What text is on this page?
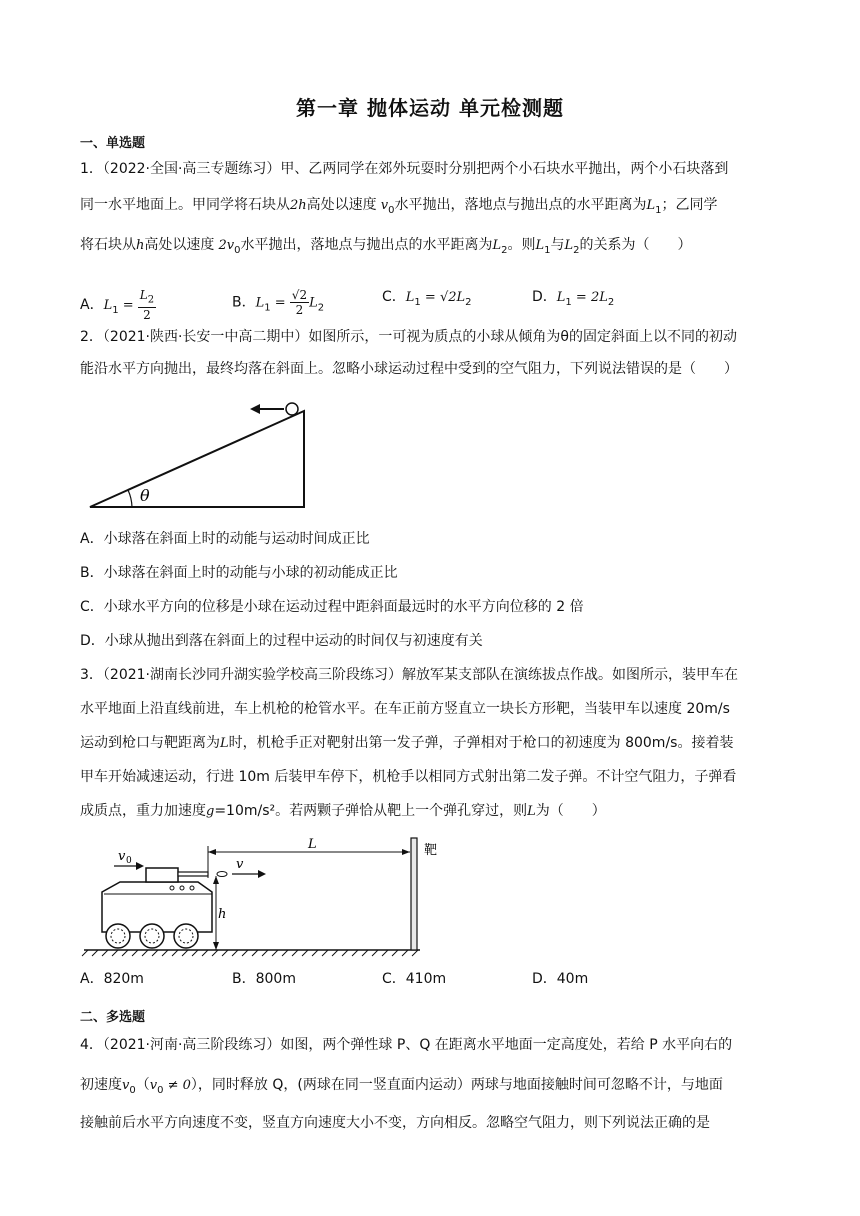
第一章 抛体运动 单元检测题
一、单选题
1．（2022·全国·高三专题练习）甲、乙两同学在郊外玩耍时分别把两个小石块水平抛出，两个小石块落到
同一水平地面上。甲同学将石块从2h高处以速度 $v_0$水平抛出，落地点与抛出点的水平距离为$L_1$；乙同学
将石块从h高处以速度 $2v_0$水平抛出，落地点与抛出点的水平距离为$L_2$。则$L_1$与$L_2$的关系为（　　）
A．$L_1 = \frac{L_2}{2}$	B．$L_1 = \frac{√2}{2} L_2$
C．$L_1 = √2L_2$	D．$L_1 = 2L_2$
2．（2021·陕西·长安一中高二期中）如图所示，一可视为质点的小球从倾角为θ的固定斜面上以不同的初动
能沿水平方向抛出，最终均落在斜面上。忽略小球运动过程中受到的空气阻力，下列说法错误的是（　　）
θ
A．小球落在斜面上时的动能与运动时间成正比
B．小球落在斜面上时的动能与小球的初动能成正比
C．小球水平方向的位移是小球在运动过程中距斜面最远时的水平方向位移的 2 倍
D．小球从抛出到落在斜面上的过程中运动的时间仅与初速度有关
3．（2021·湖南长沙同升湖实验学校高三阶段练习）解放军某支部队在演练拔点作战。如图所示，装甲车在
水平地面上沿直线前进，车上机枪的枪管水平。在车正前方竖直立一块长方形靶，当装甲车以速度 20m/s
运动到枪口与靶距离为L时，机枪手正对靶射出第一发子弹，子弹相对于枪口的初速度为 800m/s。接着装
甲车开始减速运动，行进 10m 后装甲车停下，机枪手以相同方式射出第二发子弹。不计空气阻力，子弹看
成质点，重力加速度g=10m/s²。若两颗子弹恰从靶上一个弹孔穿过，则L为（　　）
v 0	v
L
h
靶
A．820m	B．800m	C．410m	D．40m
二、多选题
4．（2021·河南·高三阶段练习）如图，两个弹性球 P、Q 在距离水平地面一定高度处，若给 P 水平向右的
初速度$v_0(v_0 \ne 0)$，同时释放 Q，(两球在同一竖直面内运动）两球与地面接触时间可忽略不计，与地面
接触前后水平方向速度不变，竖直方向速度大小不变，方向相反。忽略空气阻力，则下列说法正确的是
